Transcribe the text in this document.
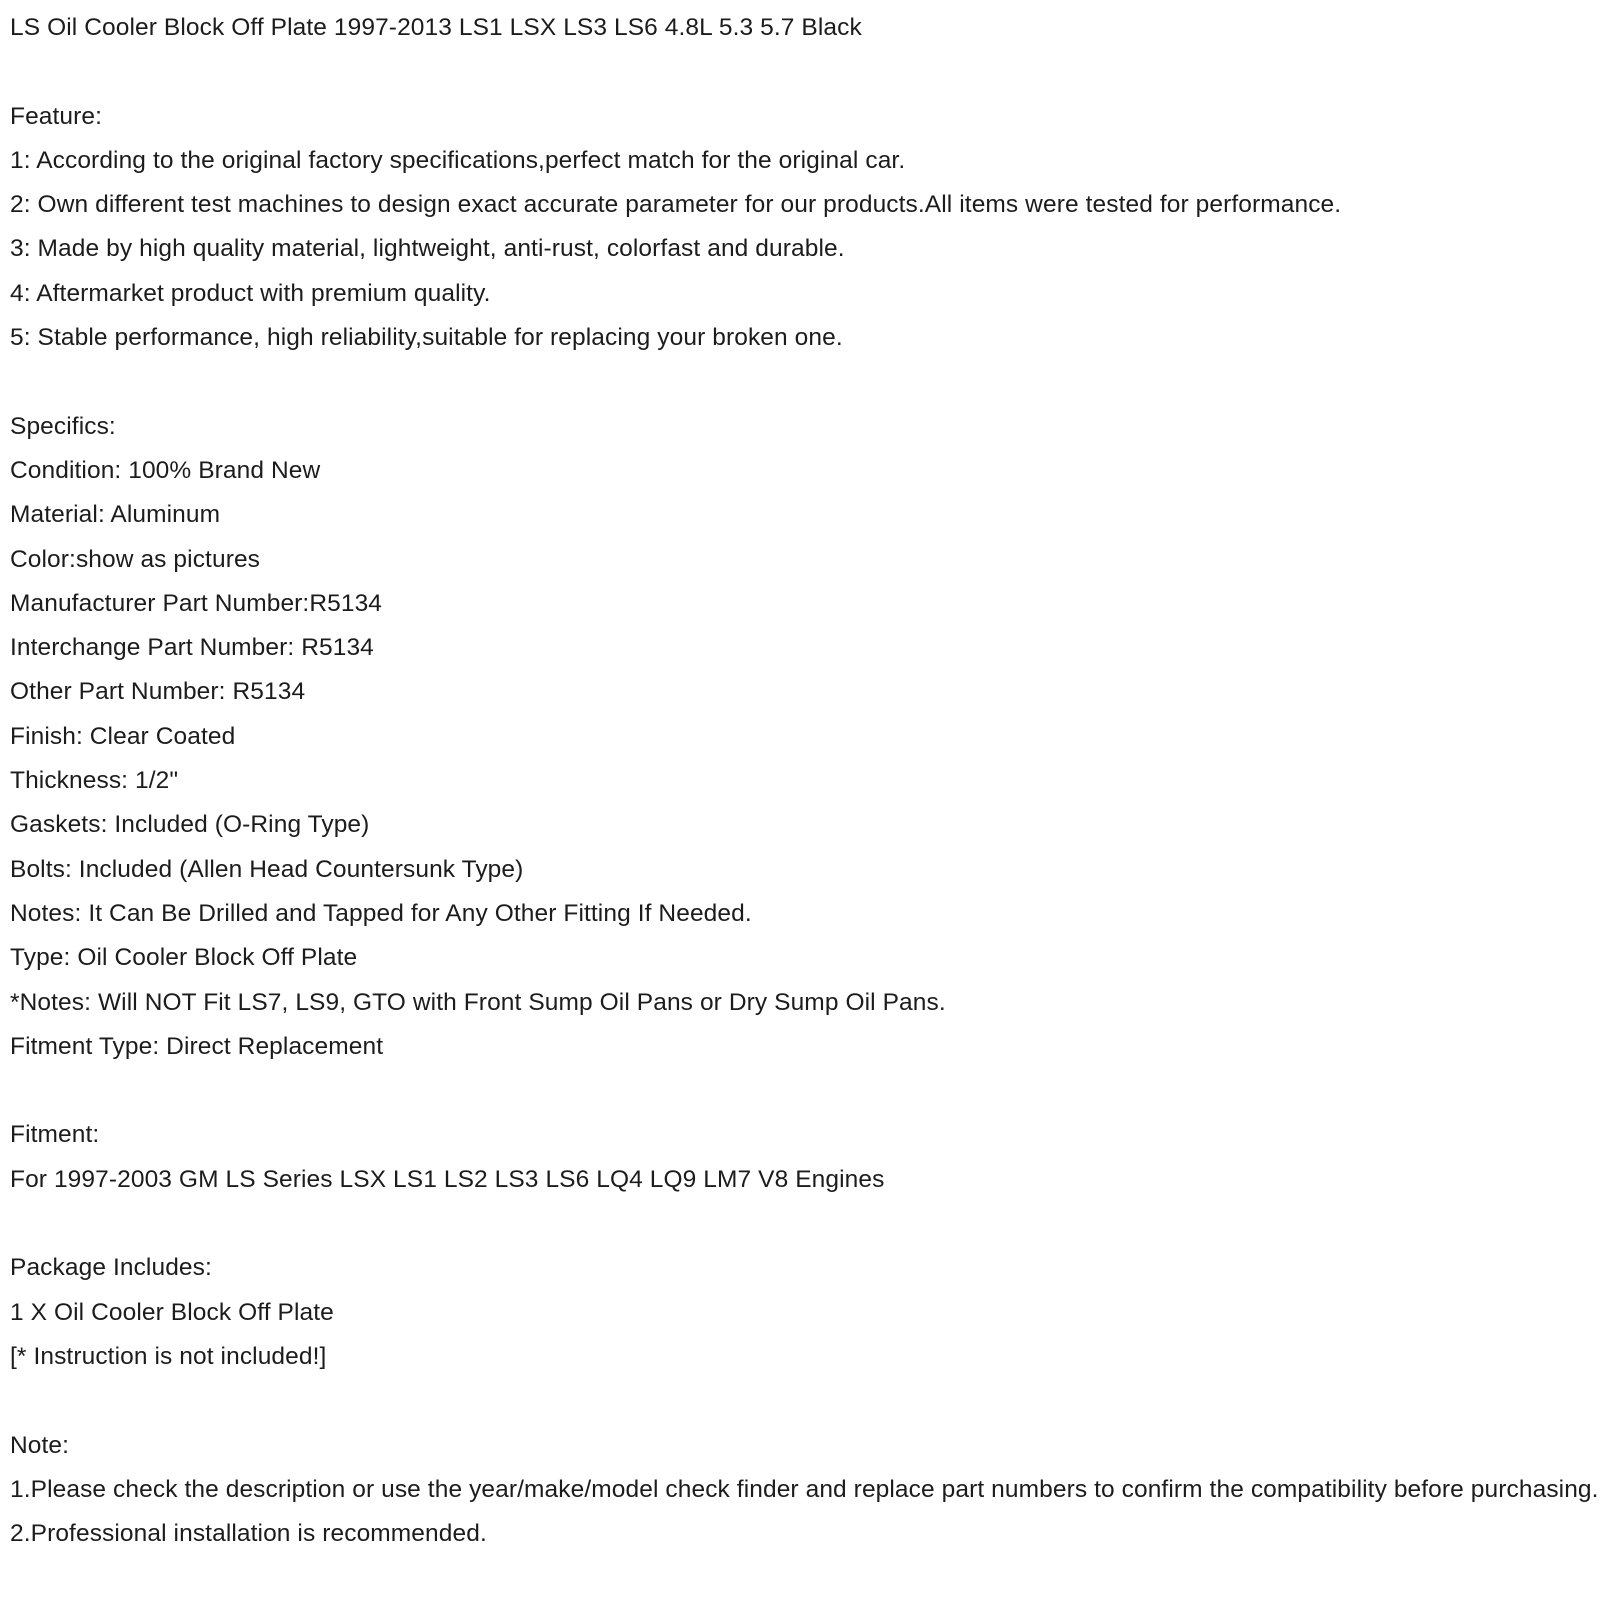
LS Oil Cooler Block Off Plate 1997-2013 LS1 LSX LS3 LS6 4.8L 5.3 5.7 Black

Feature:

1: According to the original factory specifications,perfect match for the original car.

2: Own different test machines to design exact accurate parameter for our products.All items were tested for performance.

3: Made by high quality material, lightweight, anti-rust, colorfast and durable.

4: Aftermarket product with premium quality.

5: Stable performance, high reliability,suitable for replacing your broken one.

Specifics:

Condition: 100% Brand New

Material: Aluminum

Color:show as pictures

Manufacturer Part Number:R5134

Interchange Part Number: R5134

Other Part Number: R5134

Finish: Clear Coated

Thickness: 1/2"

Gaskets: Included (O-Ring Type)

Bolts: Included (Allen Head Countersunk Type)

Notes: It Can Be Drilled and Tapped for Any Other Fitting If Needed.

Type: Oil Cooler Block Off Plate

*Notes: Will NOT Fit LS7, LS9, GTO with Front Sump Oil Pans or Dry Sump Oil Pans.

Fitment Type: Direct Replacement

Fitment:

For 1997-2003 GM LS Series LSX LS1 LS2 LS3 LS6 LQ4 LQ9 LM7 V8 Engines

Package Includes:

1 X Oil Cooler Block Off Plate

[* Instruction is not included!]

Note:

1.Please check the description or use the year/make/model check finder and replace part numbers to confirm the compatibility before purchasing.

2.Professional installation is recommended.
